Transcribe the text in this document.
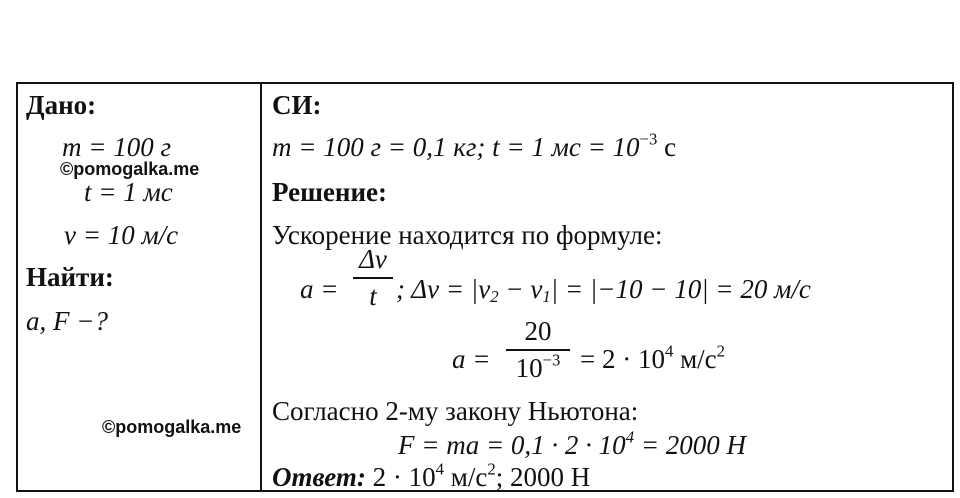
Дано:
m = 100 г
©pomogalka.me
t = 1 мс
v = 10 м/с
Найти:
a, F −?
©pomogalka.me
СИ:
m = 100 г = 0,1 кг; t = 1 мс = $10^{-3}$ с
Решение:
Ускорение находится по формуле:
a =
Δv
t ; $\Delta v = |v_2 - v_1| = |-10 - 10| = 20$ м/с
a =
20
$10^{-3} = 2 \cdot 10^4$ $м/с^2$
Согласно 2-му закону Ньютона:
F = ma = $0,1 \cdot 2 \cdot 10^4 = 2000$ Н
Ответ: $2 \cdot 10^4$ $м/с^2$; 2000 Н
